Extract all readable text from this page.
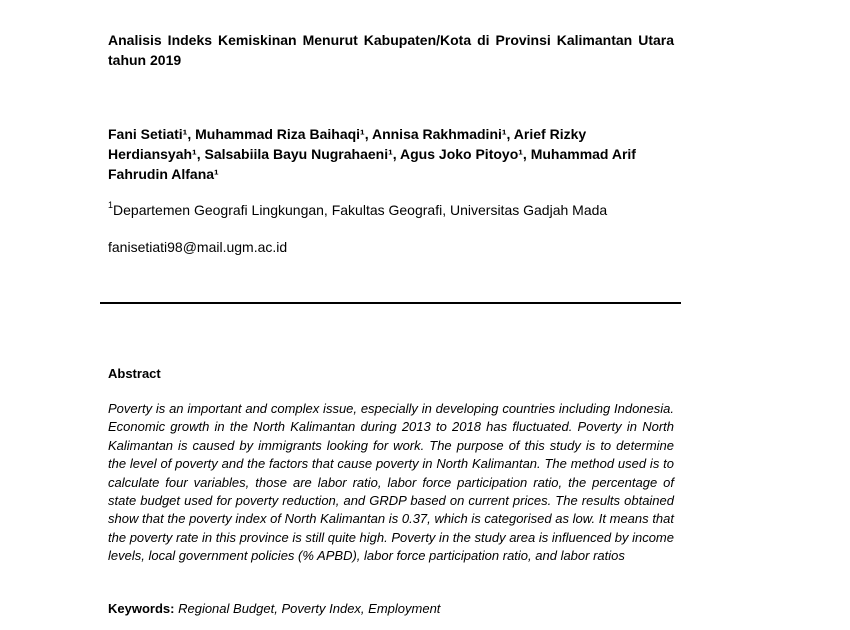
Analisis Indeks Kemiskinan Menurut Kabupaten/Kota di Provinsi Kalimantan Utara tahun 2019
Fani Setiati¹, Muhammad Riza Baihaqi¹, Annisa Rakhmadini¹, Arief Rizky Herdiansyah¹, Salsabiila Bayu Nugrahaeni¹, Agus Joko Pitoyo¹, Muhammad Arif Fahrudin Alfana¹
$^1$Departemen Geografi Lingkungan, Fakultas Geografi, Universitas Gadjah Mada
fanisetiati98@mail.ugm.ac.id
Abstract
Poverty is an important and complex issue, especially in developing countries including Indonesia. Economic growth in the North Kalimantan during 2013 to 2018 has fluctuated. Poverty in North Kalimantan is caused by immigrants looking for work. The purpose of this study is to determine the level of poverty and the factors that cause poverty in North Kalimantan. The method used is to calculate four variables, those are labor ratio, labor force participation ratio, the percentage of state budget used for poverty reduction, and GRDP based on current prices. The results obtained show that the poverty index of North Kalimantan is 0.37, which is categorised as low. It means that the poverty rate in this province is still quite high. Poverty in the study area is influenced by income levels, local government policies (% APBD), labor force participation ratio, and labor ratios
Keywords: Regional Budget, Poverty Index, Employment
